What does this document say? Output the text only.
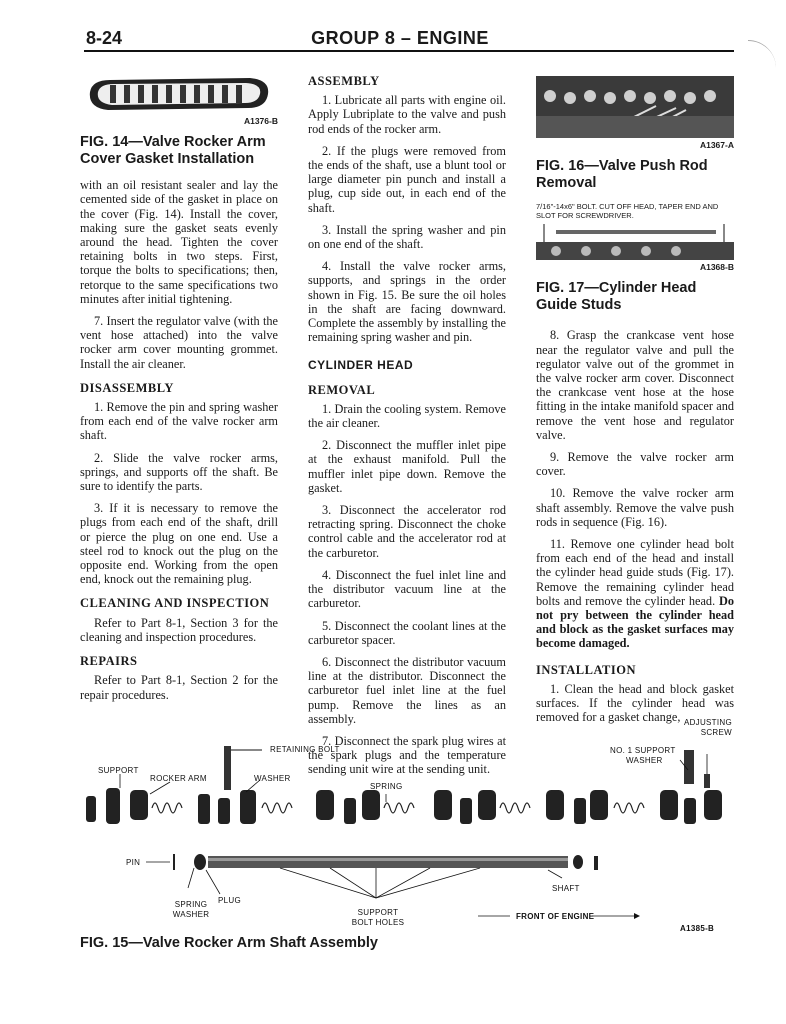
8-24	GROUP 8 – ENGINE
A1376-B
FIG. 14—Valve Rocker Arm Cover Gasket Installation

with an oil resistant sealer and lay the cemented side of the gasket in place on the cover (Fig. 14). Install the cover, making sure the gasket seats evenly around the head. Tighten the cover retaining bolts in two steps. First, torque the bolts to specifications; then, retorque to the same specifications two minutes after initial tightening.

7. Insert the regulator valve (with the vent hose attached) into the valve rocker arm cover mounting grommet. Install the air cleaner.

DISASSEMBLY

1. Remove the pin and spring washer from each end of the valve rocker arm shaft.

2. Slide the valve rocker arms, springs, and supports off the shaft. Be sure to identify the parts.

3. If it is necessary to remove the plugs from each end of the shaft, drill or pierce the plug on one end. Use a steel rod to knock out the plug on the opposite end. Working from the open end, knock out the remaining plug.

CLEANING AND INSPECTION

Refer to Part 8-1, Section 3 for the cleaning and inspection procedures.

REPAIRS

Refer to Part 8-1, Section 2 for the repair procedures.

ASSEMBLY

1. Lubricate all parts with engine oil. Apply Lubriplate to the valve and push rod ends of the rocker arm.

2. If the plugs were removed from the ends of the shaft, use a blunt tool or large diameter pin punch and install a plug, cup side out, in each end of the shaft.

3. Install the spring washer and pin on one end of the shaft.

4. Install the valve rocker arms, supports, and springs in the order shown in Fig. 15. Be sure the oil holes in the shaft are facing downward. Complete the assembly by installing the remaining spring washer and pin.

CYLINDER HEAD
REMOVAL

1. Drain the cooling system. Remove the air cleaner.

2. Disconnect the muffler inlet pipe at the exhaust manifold. Pull the muffler inlet pipe down. Remove the gasket.

3. Disconnect the accelerator rod retracting spring. Disconnect the choke control cable and the accelerator rod at the carburetor.

4. Disconnect the fuel inlet line and the distributor vacuum line at the carburetor.

5. Disconnect the coolant lines at the carburetor spacer.

6. Disconnect the distributor vacuum line at the distributor. Disconnect the carburetor fuel inlet line at the fuel pump. Remove the lines as an assembly.

7. Disconnect the spark plug wires at the spark plugs and the temperature sending unit wire at the sending unit.

A1367-A
FIG. 16—Valve Push Rod Removal
7/16"-14x6" BOLT. CUT OFF HEAD, TAPER END AND SLOT FOR SCREWDRIVER.
A1368-B
FIG. 17—Cylinder Head Guide Studs

8. Grasp the crankcase vent hose near the regulator valve and pull the regulator valve out of the grommet in the valve rocker arm cover. Disconnect the crankcase vent hose at the hose fitting in the intake manifold spacer and remove the vent hose and regulator valve.

9. Remove the valve rocker arm cover.

10. Remove the valve rocker arm shaft assembly. Remove the valve push rods in sequence (Fig. 16).

11. Remove one cylinder head bolt from each end of the head and install the cylinder head guide studs (Fig. 17). Remove the remaining cylinder head bolts and remove the cylinder head. Do not pry between the cylinder head and block as the gasket surfaces may become damaged.

INSTALLATION

1. Clean the head and block gasket surfaces. If the cylinder head was removed for a gasket change,

RETAINING BOLT
SUPPORT
ROCKER ARM	WASHER
SPRING
ADJUSTING SCREW
NO. 1 SUPPORT
WASHER
PIN
PLUG
SPRING WASHER	SUPPORT BOLT HOLES
SHAFT
FRONT OF ENGINE
A1385-B
FIG. 15—Valve Rocker Arm Shaft Assembly
